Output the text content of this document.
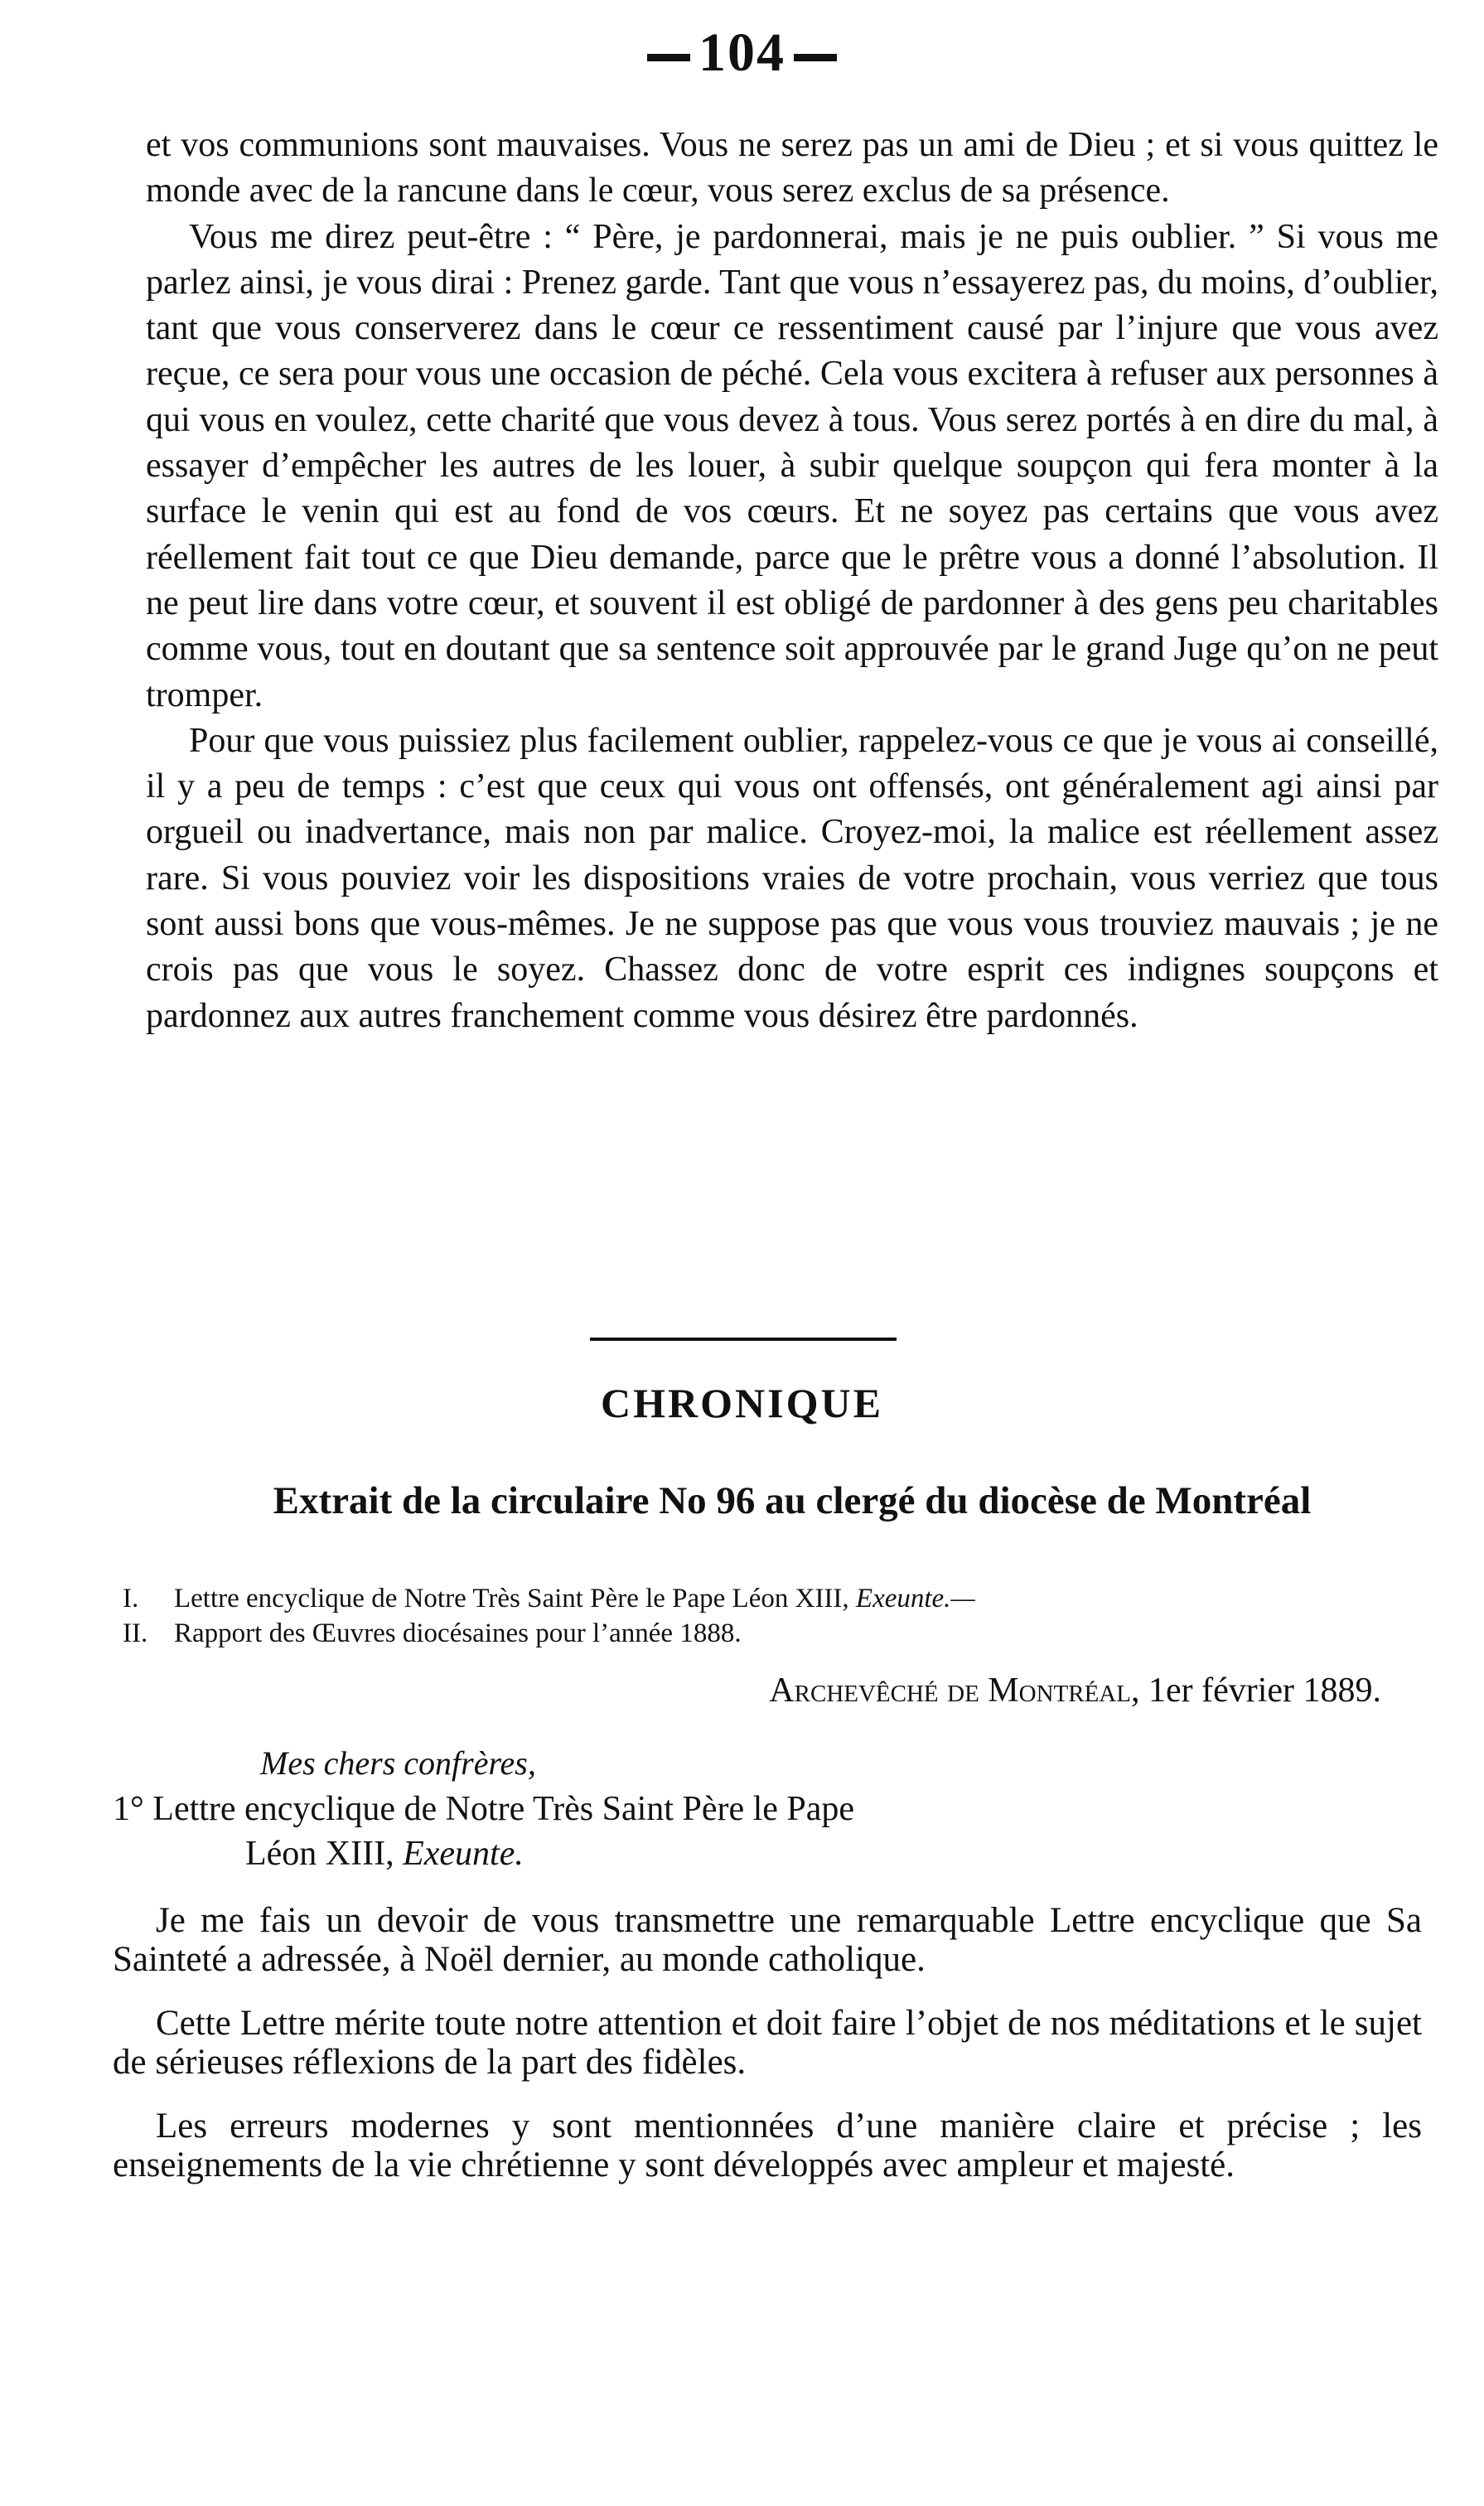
104

et vos communions sont mauvaises. Vous ne serez pas un ami de Dieu ; et si vous quittez le monde avec de la rancune dans le cœur, vous serez exclus de sa présence.

Vous me direz peut-être : “ Père, je pardonnerai, mais je ne puis oublier. ” Si vous me parlez ainsi, je vous dirai : Prenez garde. Tant que vous n’essayerez pas, du moins, d’oublier, tant que vous conserverez dans le cœur ce ressentiment causé par l’injure que vous avez reçue, ce sera pour vous une occasion de péché. Cela vous excitera à refuser aux personnes à qui vous en voulez, cette charité que vous devez à tous. Vous serez portés à en dire du mal, à essayer d’empêcher les autres de les louer, à subir quelque soupçon qui fera monter à la surface le venin qui est au fond de vos cœurs. Et ne soyez pas certains que vous avez réellement fait tout ce que Dieu demande, parce que le prêtre vous a donné l’absolution. Il ne peut lire dans votre cœur, et souvent il est obligé de pardonner à des gens peu charitables comme vous, tout en doutant que sa sentence soit approuvée par le grand Juge qu’on ne peut tromper.

Pour que vous puissiez plus facilement oublier, rappelez-vous ce que je vous ai conseillé, il y a peu de temps : c’est que ceux qui vous ont offensés, ont généralement agi ainsi par orgueil ou inadvertance, mais non par malice. Croyez-moi, la malice est réellement assez rare. Si vous pouviez voir les dispositions vraies de votre prochain, vous verriez que tous sont aussi bons que vous-mêmes. Je ne suppose pas que vous vous trouviez mauvais ; je ne crois pas que vous le soyez. Chassez donc de votre esprit ces indignes soupçons et pardonnez aux autres franchement comme vous désirez être pardonnés.

CHRONIQUE
Extrait de la circulaire No 96 au clergé du diocèse de Montréal
I.	Lettre encyclique de Notre Très Saint Père le Pape Léon XIII, Exeunte.—
II. Rapport des Œuvres diocésaines pour l’année 1888.
Archevêché de Montréal, 1er février 1889.
Mes chers confrères,
1° Lettre encyclique de Notre Très Saint Père le Pape
Léon XIII, Exeunte.

Je me fais un devoir de vous transmettre une remarquable Lettre encyclique que Sa Sainteté a adressée, à Noël dernier, au monde catholique.

Cette Lettre mérite toute notre attention et doit faire l’objet de nos méditations et le sujet de sérieuses réflexions de la part des fidèles.

Les erreurs modernes y sont mentionnées d’une manière claire et précise ; les enseignements de la vie chrétienne y sont développés avec ampleur et majesté.
